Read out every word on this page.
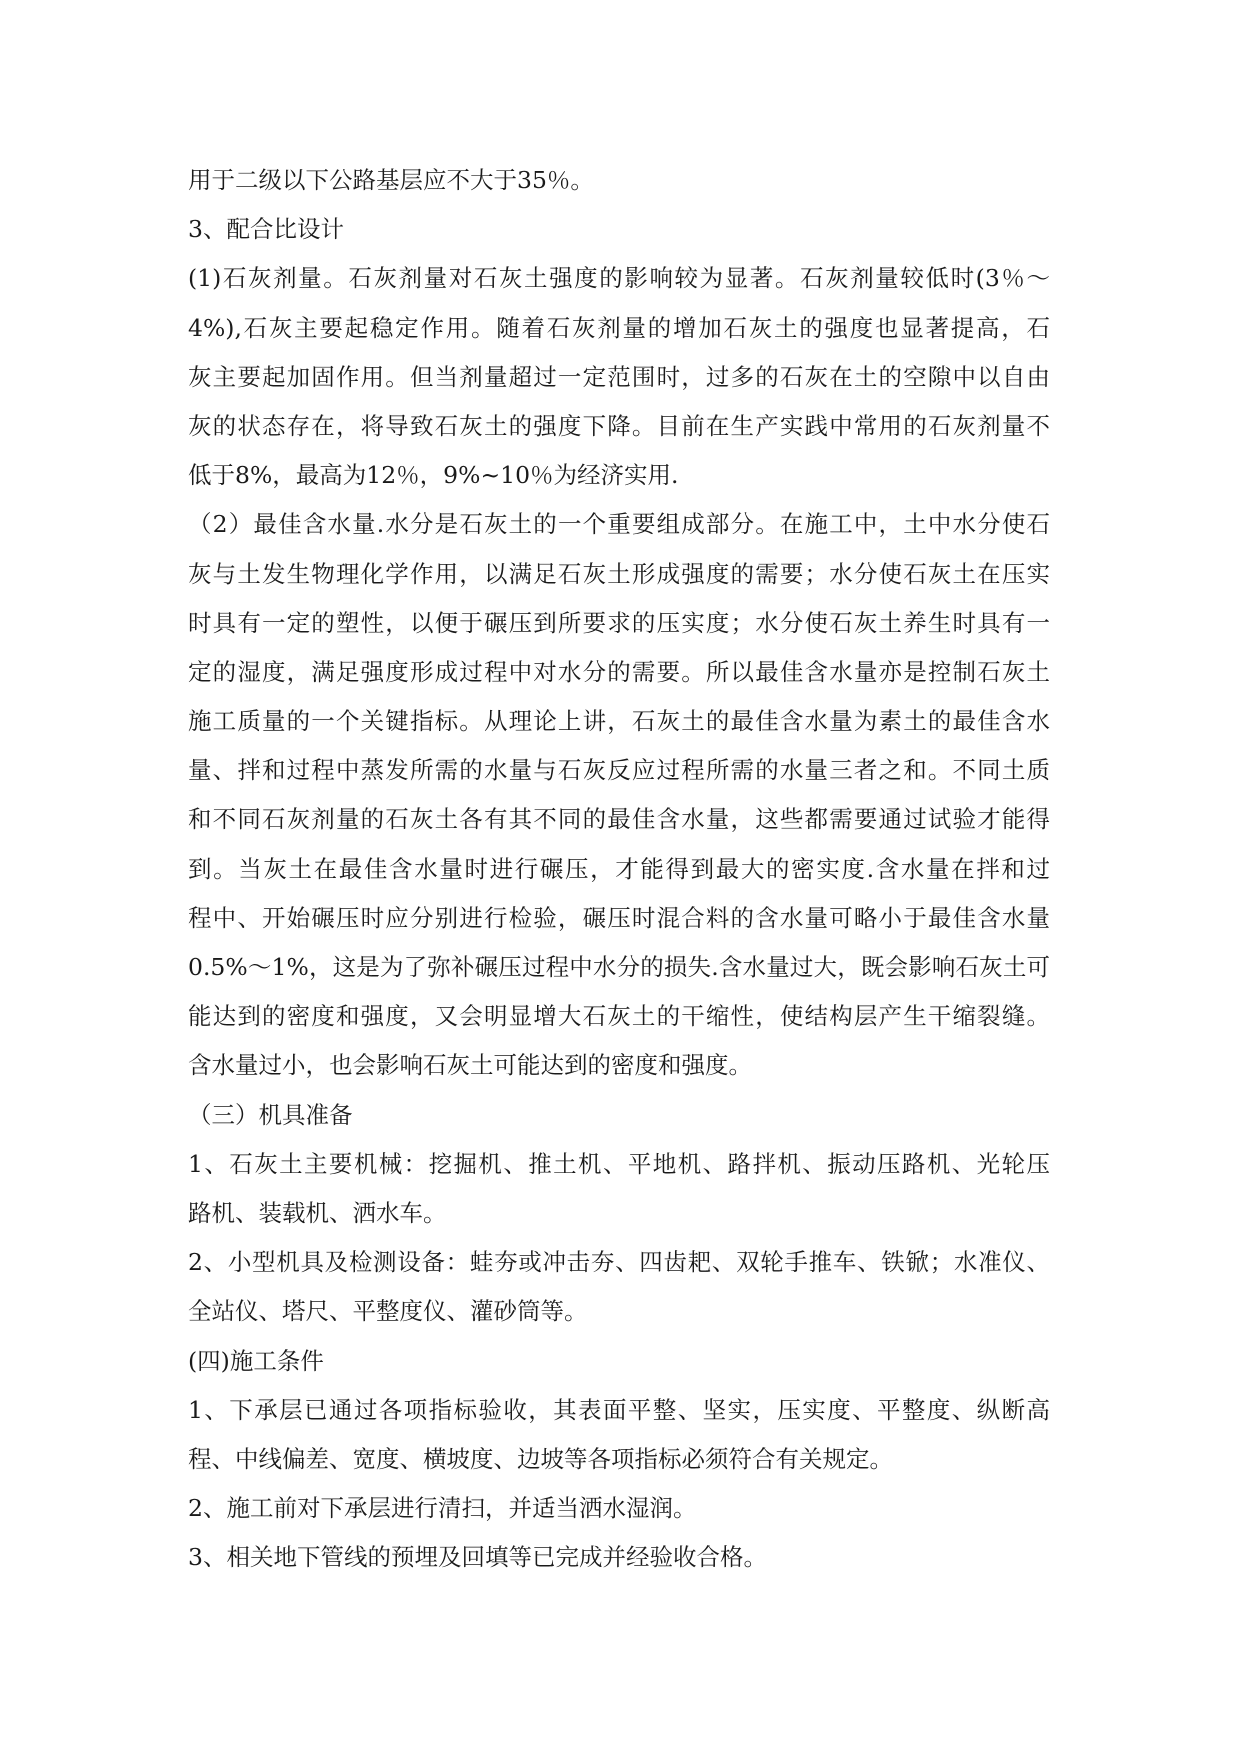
用于二级以下公路基层应不大于35％。
3、配合比设计
(1)石灰剂量。石灰剂量对石灰土强度的影响较为显著。石灰剂量较低时(3％～
4%),石灰主要起稳定作用。随着石灰剂量的增加石灰土的强度也显著提高，石
灰主要起加固作用。但当剂量超过一定范围时，过多的石灰在土的空隙中以自由
灰的状态存在，将导致石灰土的强度下降。目前在生产实践中常用的石灰剂量不
低于8%，最高为12％，9%~10％为经济实用.
（2）最佳含水量.水分是石灰土的一个重要组成部分。在施工中，土中水分使石
灰与土发生物理化学作用，以满足石灰土形成强度的需要；水分使石灰土在压实
时具有一定的塑性，以便于碾压到所要求的压实度；水分使石灰土养生时具有一
定的湿度，满足强度形成过程中对水分的需要。所以最佳含水量亦是控制石灰土
施工质量的一个关键指标。从理论上讲，石灰土的最佳含水量为素土的最佳含水
量、拌和过程中蒸发所需的水量与石灰反应过程所需的水量三者之和。不同土质
和不同石灰剂量的石灰土各有其不同的最佳含水量，这些都需要通过试验才能得
到。当灰土在最佳含水量时进行碾压，才能得到最大的密实度.含水量在拌和过
程中、开始碾压时应分别进行检验，碾压时混合料的含水量可略小于最佳含水量
0.5%～1%，这是为了弥补碾压过程中水分的损失.含水量过大，既会影响石灰土可
能达到的密度和强度，又会明显增大石灰土的干缩性，使结构层产生干缩裂缝。
含水量过小，也会影响石灰土可能达到的密度和强度。
（三）机具准备
1、石灰土主要机械：挖掘机、推土机、平地机、路拌机、振动压路机、光轮压
路机、装载机、洒水车。
2、小型机具及检测设备：蛙夯或冲击夯、四齿耙、双轮手推车、铁锨；水准仪、
全站仪、塔尺、平整度仪、灌砂筒等。
(四)施工条件
1、下承层已通过各项指标验收，其表面平整、坚实，压实度、平整度、纵断高
程、中线偏差、宽度、横坡度、边坡等各项指标必须符合有关规定。
2、施工前对下承层进行清扫，并适当洒水湿润。
3、相关地下管线的预埋及回填等已完成并经验收合格。
